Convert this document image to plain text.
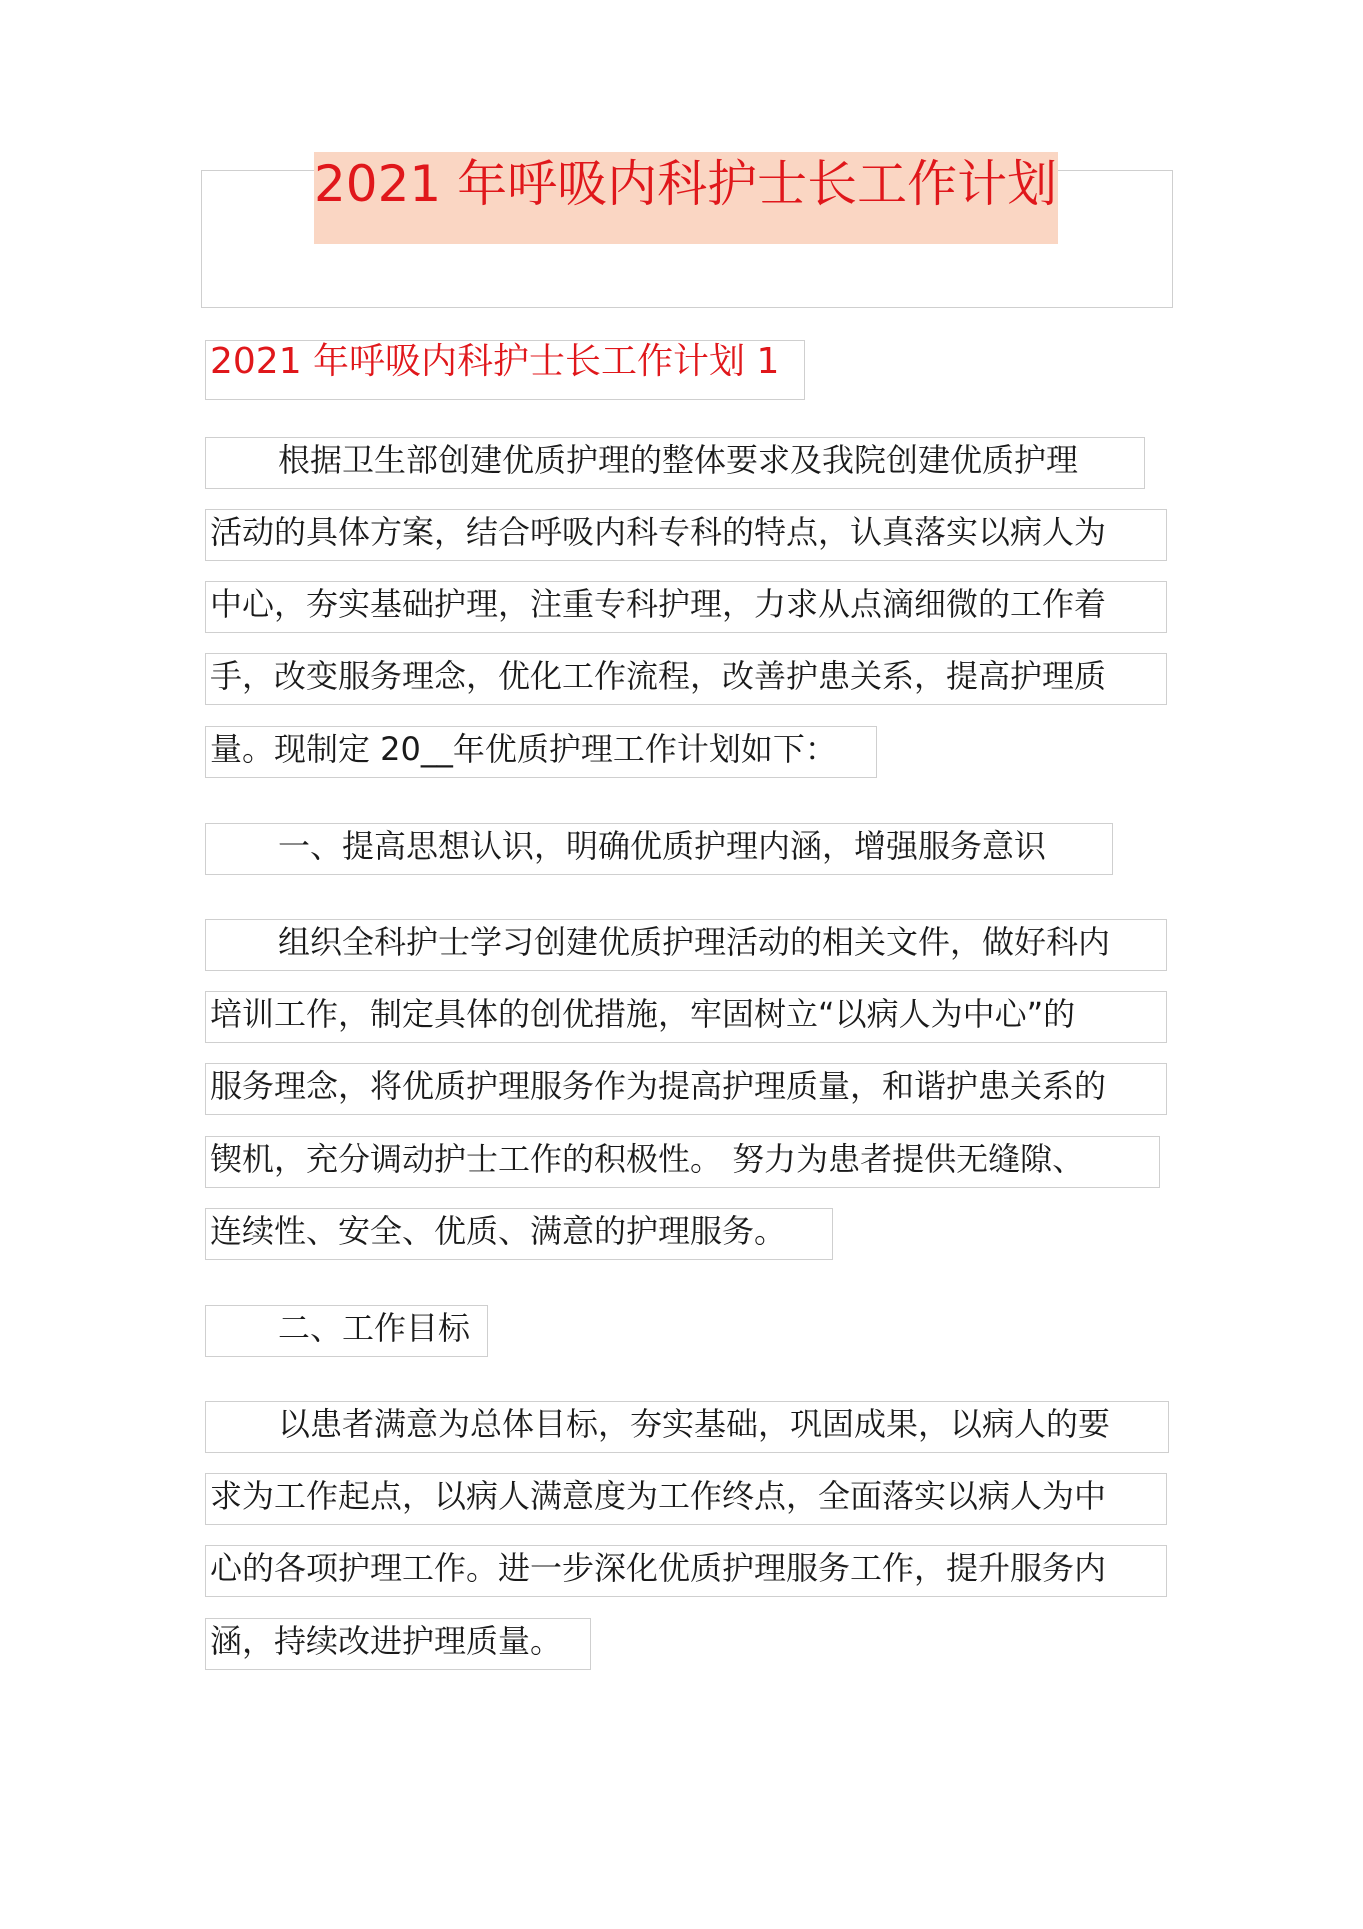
2021 年呼吸内科护士长工作计划
2021 年呼吸内科护士长工作计划 1
根据卫生部创建优质护理的整体要求及我院创建优质护理
活动的具体方案，结合呼吸内科专科的特点，认真落实以病人为
中心，夯实基础护理，注重专科护理，力求从点滴细微的工作着
手，改变服务理念，优化工作流程，改善护患关系，提高护理质
量。现制定 20__年优质护理工作计划如下：
一、提高思想认识，明确优质护理内涵，增强服务意识
组织全科护士学习创建优质护理活动的相关文件，做好科内
培训工作，制定具体的创优措施，牢固树立“以病人为中心”的
服务理念，将优质护理服务作为提高护理质量，和谐护患关系的
锲机，充分调动护士工作的积极性。 努力为患者提供无缝隙、
连续性、安全、优质、满意的护理服务。
二、工作目标
以患者满意为总体目标，夯实基础，巩固成果，以病人的要
求为工作起点，以病人满意度为工作终点，全面落实以病人为中
心的各项护理工作。进一步深化优质护理服务工作，提升服务内
涵，持续改进护理质量。
